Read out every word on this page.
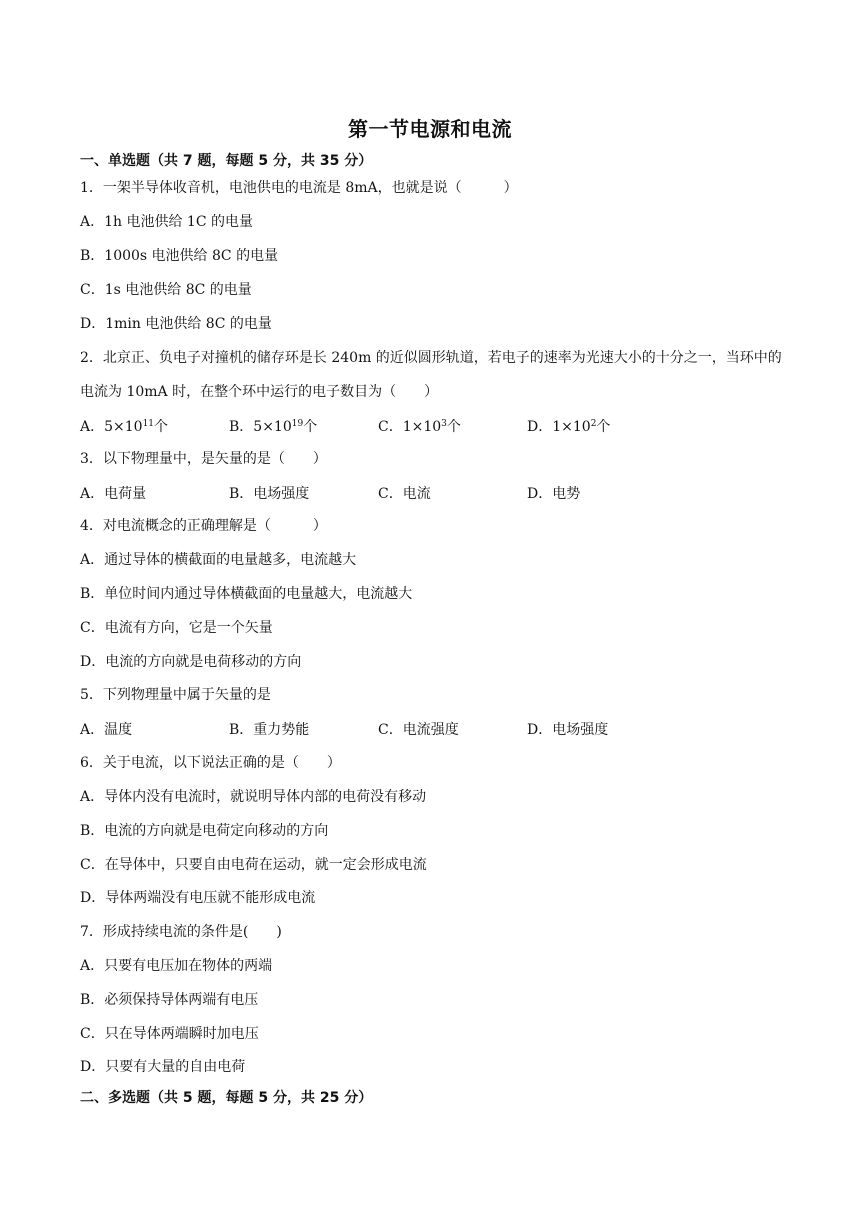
第一节电源和电流
一、单选题（共 7 题，每题 5 分，共 35 分）
1．一架半导体收音机，电池供电的电流是 8mA，也就是说（　　　）
A．1h 电池供给 1C 的电量
B．1000s 电池供给 8C 的电量
C．1s 电池供给 8C 的电量
D．1min 电池供给 8C 的电量
2．北京正、负电子对撞机的储存环是长 240m 的近似圆形轨道，若电子的速率为光速大小的十分之一，当环中的电流为 10mA 时，在整个环中运行的电子数目为（　　）
A．$5\times 10^{11}$个	B．$5\times 10^{19}$个	C．$1\times 10^3$个	D．$1\times 10^2$个
3．以下物理量中，是矢量的是（　　）
A．电荷量	B．电场强度	C．电流	D．电势
4．对电流概念的正确理解是（　　　）
A．通过导体的横截面的电量越多，电流越大
B．单位时间内通过导体横截面的电量越大，电流越大
C．电流有方向，它是一个矢量
D．电流的方向就是电荷移动的方向
5．下列物理量中属于矢量的是
A．温度	B．重力势能	C．电流强度	D．电场强度
6．关于电流，以下说法正确的是（　　）
A．导体内没有电流时，就说明导体内部的电荷没有移动
B．电流的方向就是电荷定向移动的方向
C．在导体中，只要自由电荷在运动，就一定会形成电流
D．导体两端没有电压就不能形成电流
7．形成持续电流的条件是(　　)
A．只要有电压加在物体的两端
B．必须保持导体两端有电压
C．只在导体两端瞬时加电压
D．只要有大量的自由电荷
二、多选题（共 5 题，每题 5 分，共 25 分）
